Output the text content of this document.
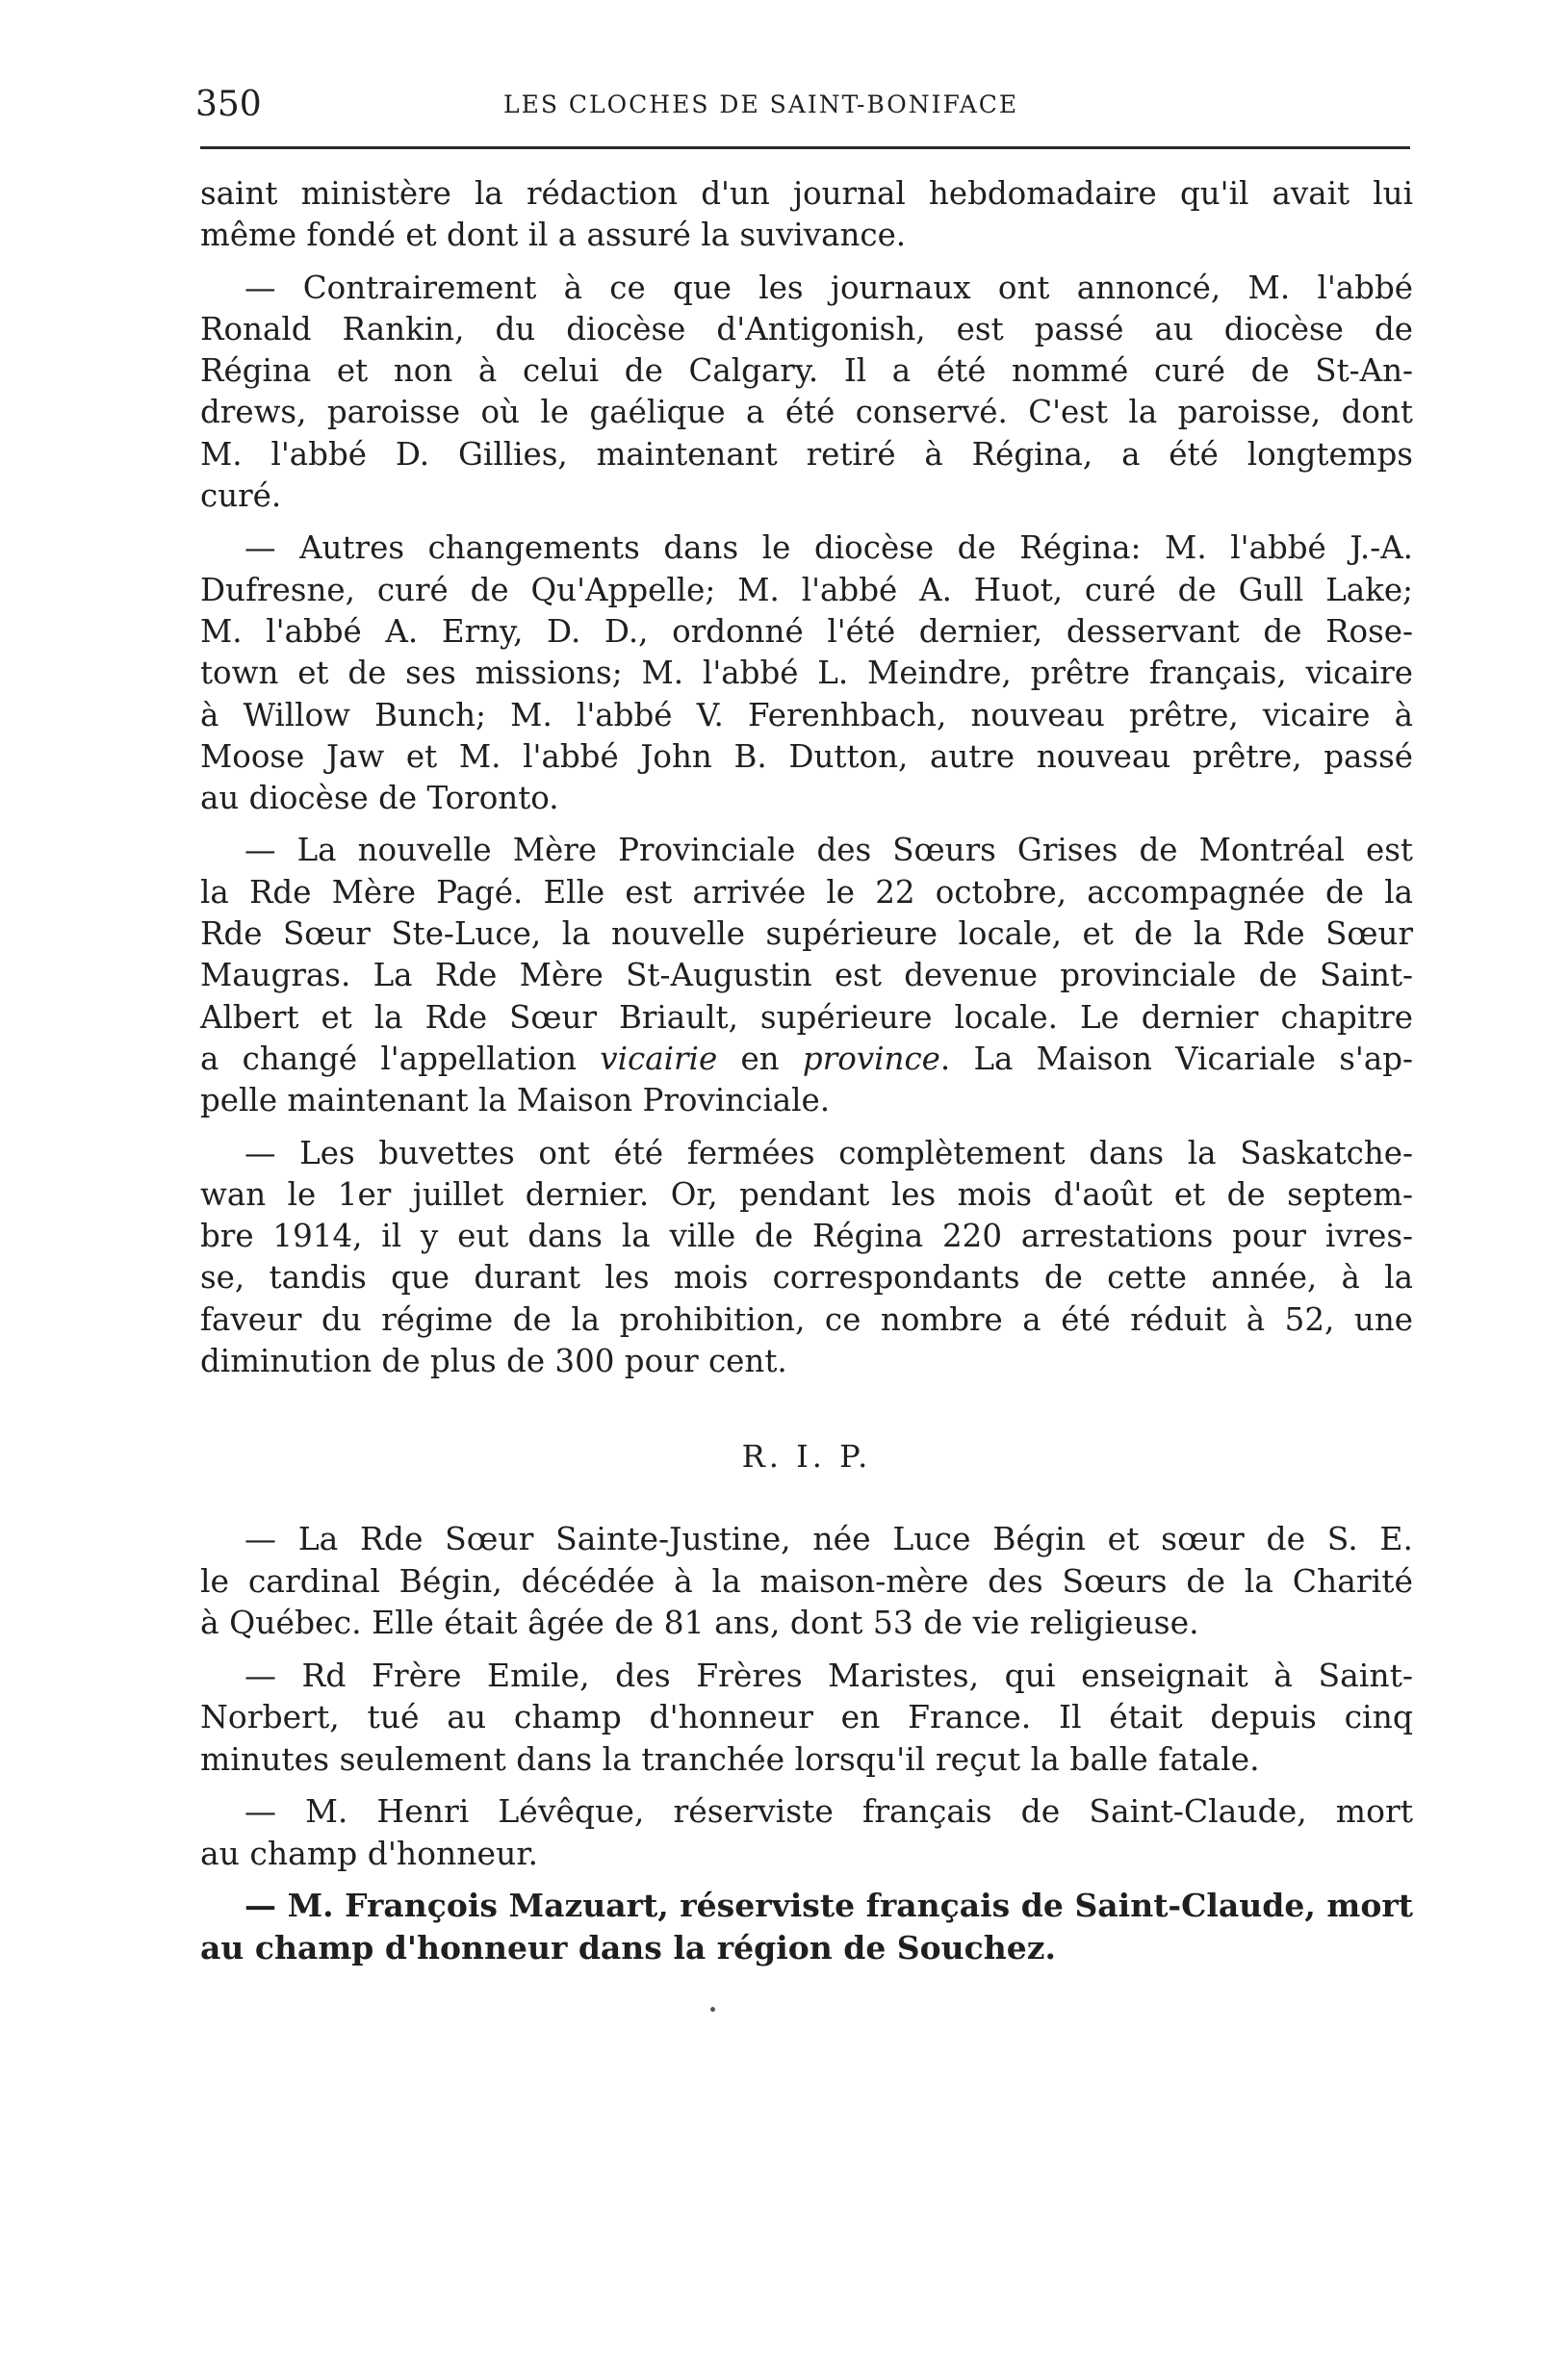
350	LES CLOCHES DE SAINT-BONIFACE
saint ministère la rédaction d'un journal hebdomadaire qu'il avait lui
même fondé et dont il a assuré la suvivance.
— Contrairement à ce que les journaux ont annoncé, M. l'abbé
Ronald Rankin, du diocèse d'Antigonish, est passé au diocèse de
Régina et non à celui de Calgary. Il a été nommé curé de St-An-
drews, paroisse où le gaélique a été conservé. C'est la paroisse, dont
M. l'abbé D. Gillies, maintenant retiré à Régina, a été longtemps
curé.
— Autres changements dans le diocèse de Régina: M. l'abbé J.-A.
Dufresne, curé de Qu'Appelle; M. l'abbé A. Huot, curé de Gull Lake;
M. l'abbé A. Erny, D. D., ordonné l'été dernier, desservant de Rose-
town et de ses missions; M. l'abbé L. Meindre, prêtre français, vicaire
à Willow Bunch; M. l'abbé V. Ferenhbach, nouveau prêtre, vicaire à
Moose Jaw et M. l'abbé John B. Dutton, autre nouveau prêtre, passé
au diocèse de Toronto.
— La nouvelle Mère Provinciale des Sœurs Grises de Montréal est
la Rde Mère Pagé. Elle est arrivée le 22 octobre, accompagnée de la
Rde Sœur Ste-Luce, la nouvelle supérieure locale, et de la Rde Sœur
Maugras. La Rde Mère St-Augustin est devenue provinciale de Saint-
Albert et la Rde Sœur Briault, supérieure locale. Le dernier chapitre
a changé l'appellation vicairie en province. La Maison Vicariale s'ap-
pelle maintenant la Maison Provinciale.
— Les buvettes ont été fermées complètement dans la Saskatche-
wan le 1er juillet dernier. Or, pendant les mois d'août et de septem-
bre 1914, il y eut dans la ville de Régina 220 arrestations pour ivres-
se, tandis que durant les mois correspondants de cette année, à la
faveur du régime de la prohibition, ce nombre a été réduit à 52, une
diminution de plus de 300 pour cent.
R. I. P.
— La Rde Sœur Sainte-Justine, née Luce Bégin et sœur de S. E.
le cardinal Bégin, décédée à la maison-mère des Sœurs de la Charité
à Québec. Elle était âgée de 81 ans, dont 53 de vie religieuse.
— Rd Frère Emile, des Frères Maristes, qui enseignait à Saint-
Norbert, tué au champ d'honneur en France. Il était depuis cinq
minutes seulement dans la tranchée lorsqu'il reçut la balle fatale.
— M. Henri Lévêque, réserviste français de Saint-Claude, mort
au champ d'honneur.
— M. François Mazuart, réserviste français de Saint-Claude, mort
au champ d'honneur dans la région de Souchez.
